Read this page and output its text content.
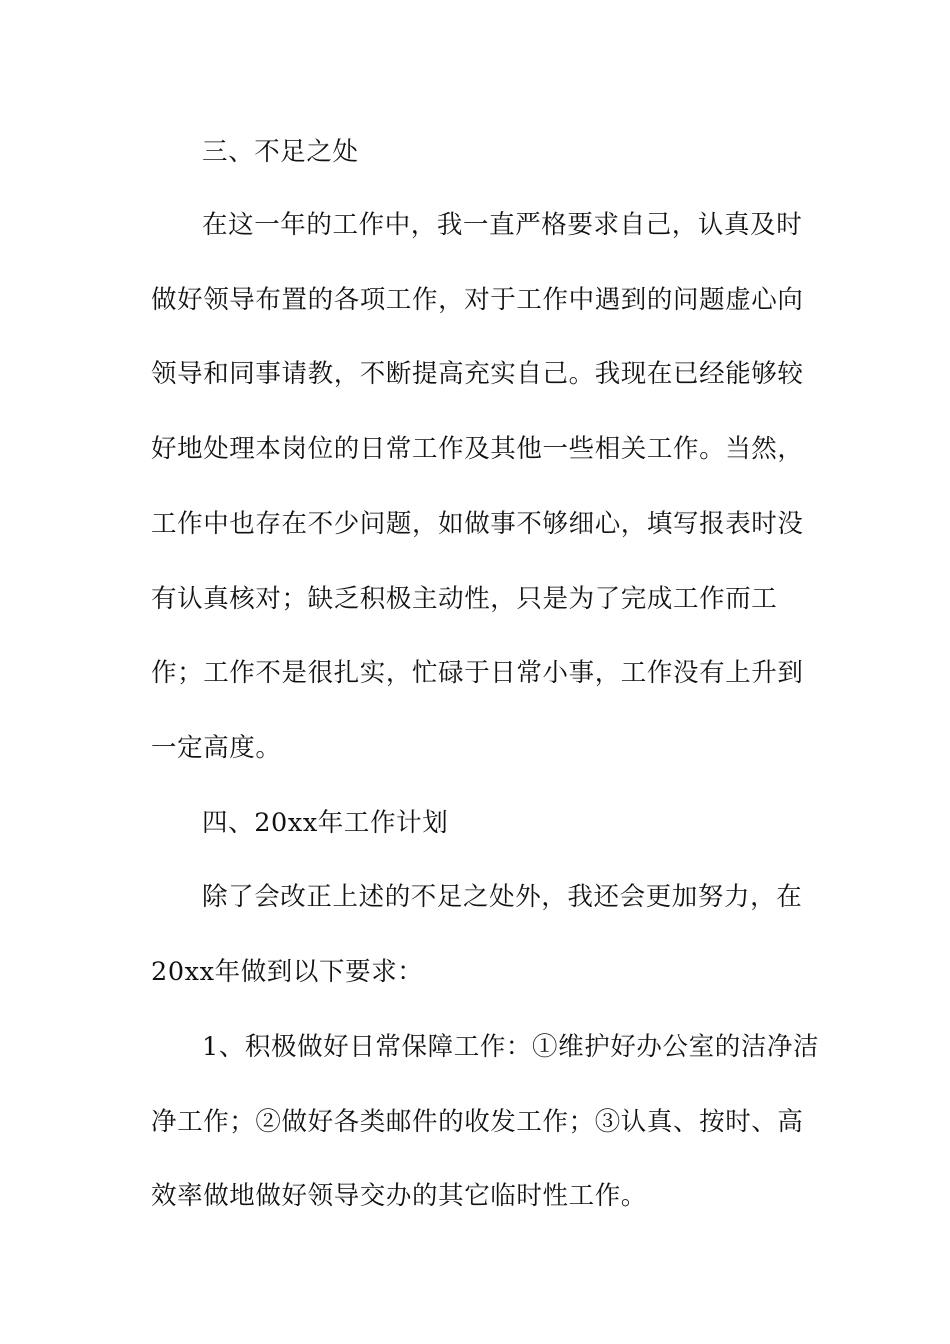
三、不足之处
在这一年的工作中，我一直严格要求自己，认真及时
做好领导布置的各项工作，对于工作中遇到的问题虚心向
领导和同事请教，不断提高充实自己。我现在已经能够较
好地处理本岗位的日常工作及其他一些相关工作。当然，
工作中也存在不少问题，如做事不够细心，填写报表时没
有认真核对；缺乏积极主动性，只是为了完成工作而工
作；工作不是很扎实，忙碌于日常小事，工作没有上升到
一定高度。
四、20xx年工作计划
除了会改正上述的不足之处外，我还会更加努力，在
20xx年做到以下要求：
1、积极做好日常保障工作：①维护好办公室的洁净洁
净工作；②做好各类邮件的收发工作；③认真、按时、高
效率做地做好领导交办的其它临时性工作。
